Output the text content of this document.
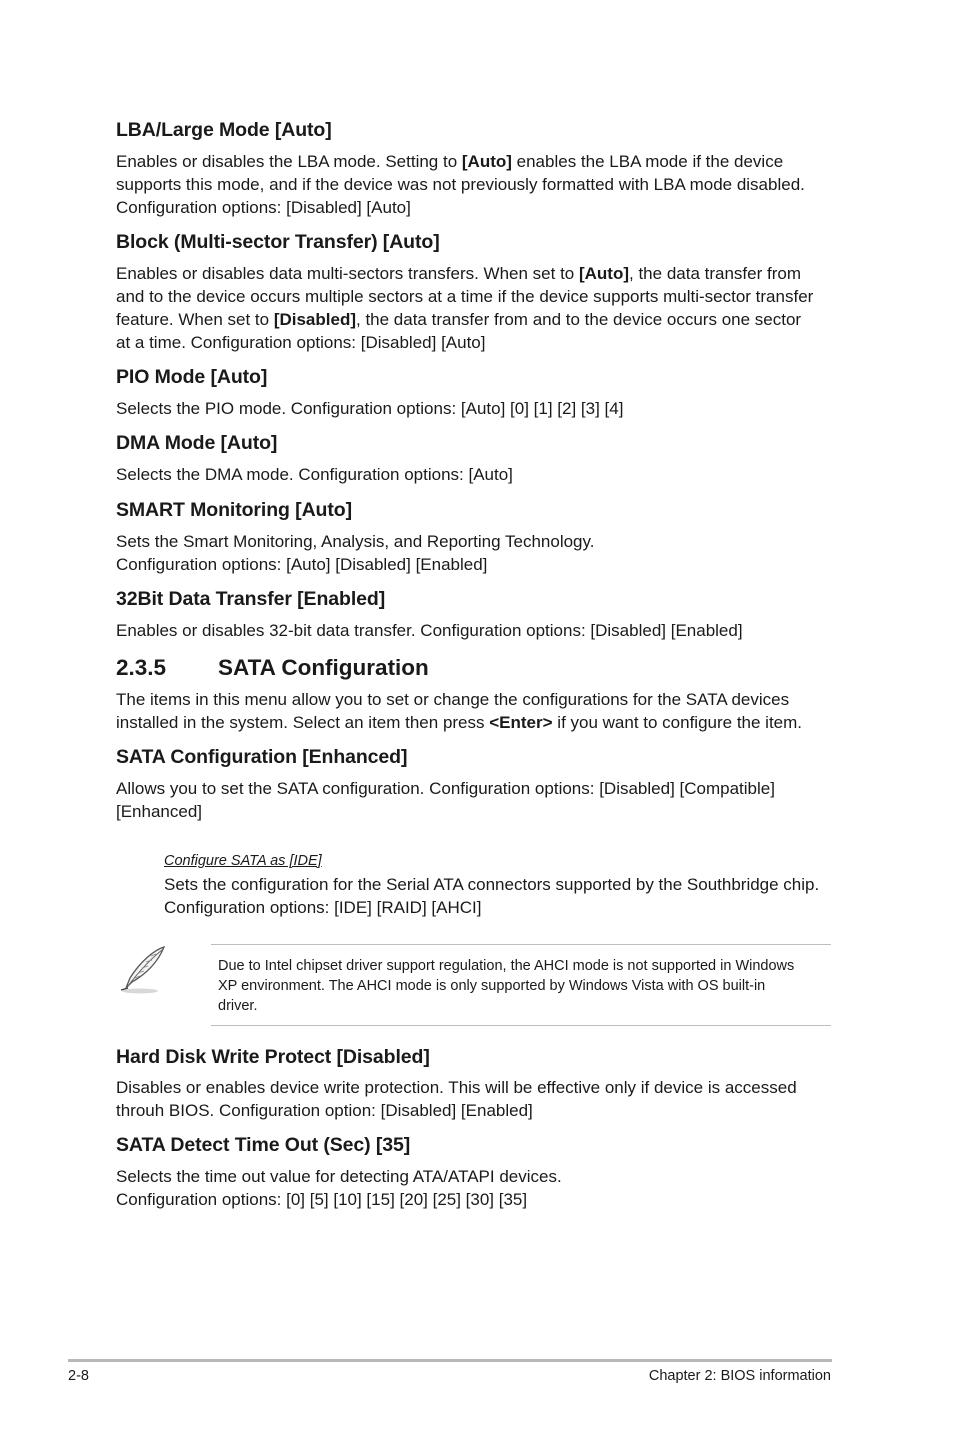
LBA/Large Mode [Auto]

Enables or disables the LBA mode. Setting to [Auto] enables the LBA mode if the device
supports this mode, and if the device was not previously formatted with LBA mode disabled.
Configuration options: [Disabled] [Auto]

Block (Multi-sector Transfer) [Auto]

Enables or disables data multi-sectors transfers. When set to [Auto], the data transfer from
and to the device occurs multiple sectors at a time if the device supports multi-sector transfer
feature. When set to [Disabled], the data transfer from and to the device occurs one sector
at a time. Configuration options: [Disabled] [Auto]

PIO Mode [Auto]

Selects the PIO mode. Configuration options: [Auto] [0] [1] [2] [3] [4]

DMA Mode [Auto]

Selects the DMA mode. Configuration options: [Auto]

SMART Monitoring [Auto]

Sets the Smart Monitoring, Analysis, and Reporting Technology.
Configuration options: [Auto] [Disabled] [Enabled]

32Bit Data Transfer [Enabled]

Enables or disables 32-bit data transfer. Configuration options: [Disabled] [Enabled]

2.3.5 SATA Configuration

The items in this menu allow you to set or change the configurations for the SATA devices
installed in the system. Select an item then press <Enter> if you want to configure the item.

SATA Configuration [Enhanced]

Allows you to set the SATA configuration. Configuration options: [Disabled] [Compatible]
[Enhanced]

Configure SATA as [IDE]

Sets the configuration for the Serial ATA connectors supported by the Southbridge chip.
Configuration options: [IDE] [RAID] [AHCI]

Due to Intel chipset driver support regulation, the AHCI mode is not supported in Windows
XP environment. The AHCI mode is only supported by Windows Vista with OS built-in
driver.

Hard Disk Write Protect [Disabled]

Disables or enables device write protection. This will be effective only if device is accessed
throuh BIOS. Configuration option: [Disabled] [Enabled]

SATA Detect Time Out (Sec) [35]

Selects the time out value for detecting ATA/ATAPI devices.
Configuration options: [0] [5] [10] [15] [20] [25] [30] [35]

2-8	Chapter 2: BIOS information
